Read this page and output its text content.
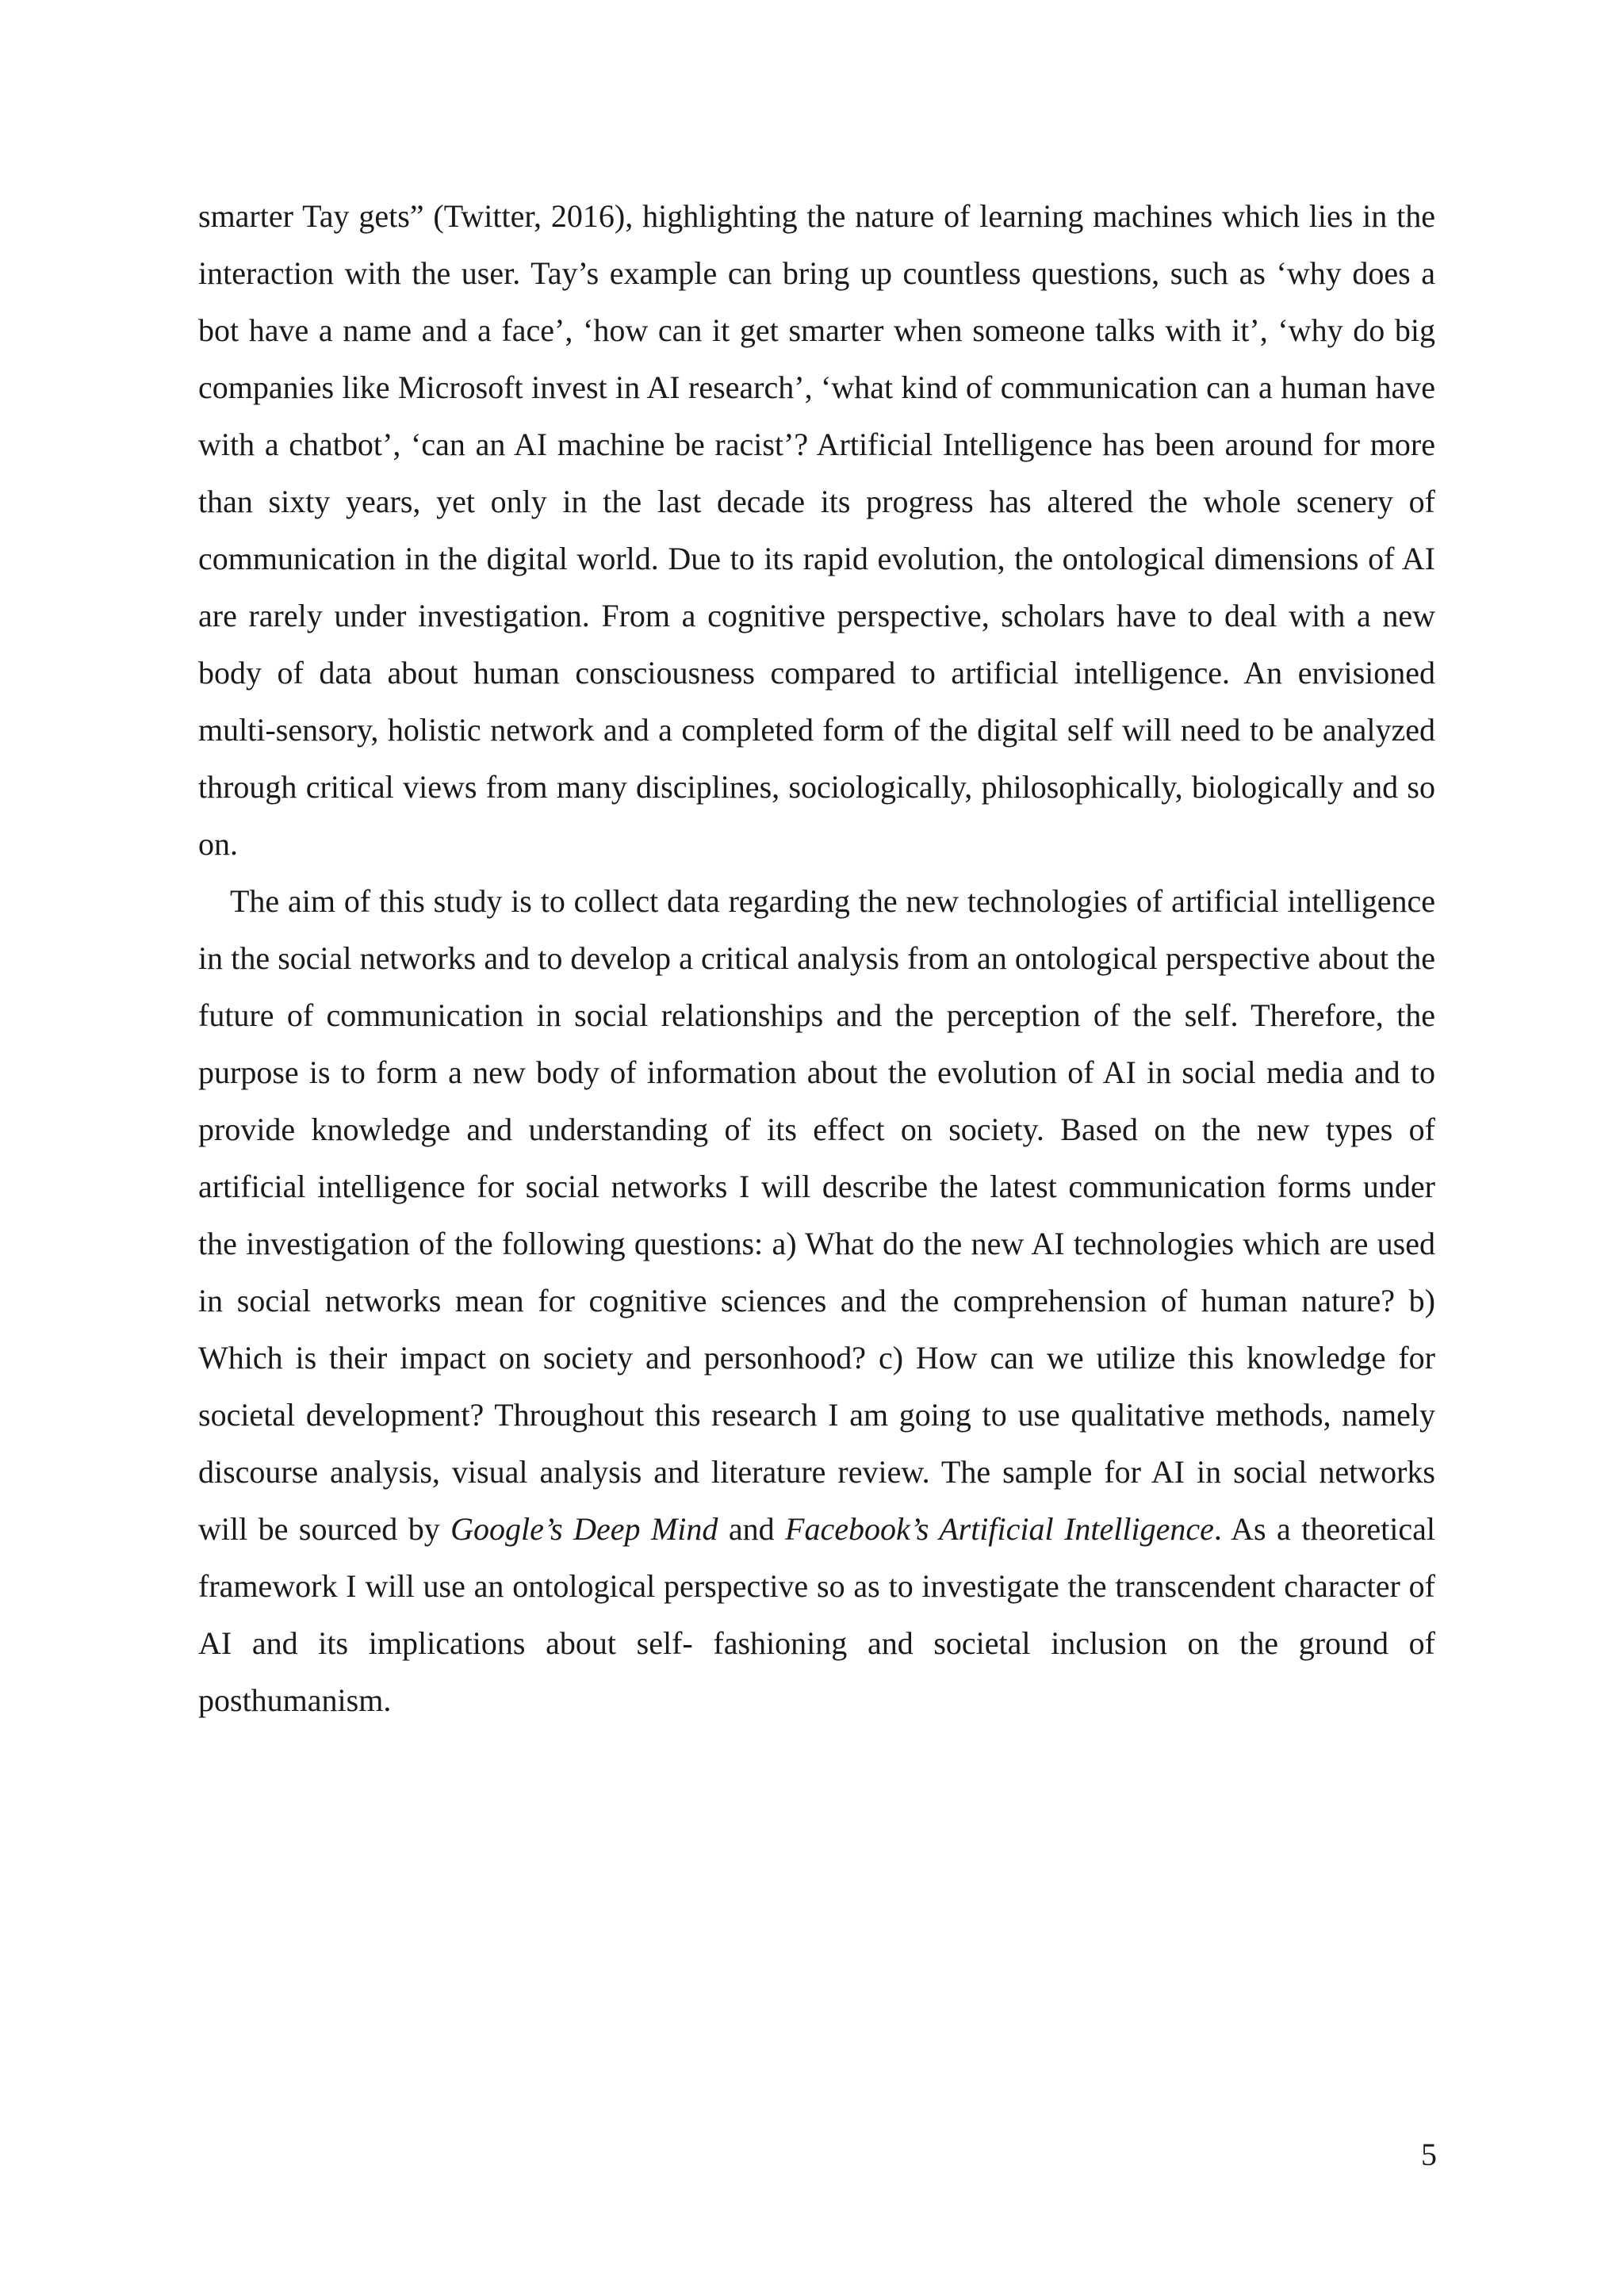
smarter Tay gets” (Twitter, 2016), highlighting the nature of learning machines which lies in the interaction with the user. Tay’s example can bring up countless questions, such as ‘why does a bot have a name and a face’, ‘how can it get smarter when someone talks with it’, ‘why do big companies like Microsoft invest in AI research’, ‘what kind of communication can a human have with a chatbot’, ‘can an AI machine be racist’? Artificial Intelligence has been around for more than sixty years, yet only in the last decade its progress has altered the whole scenery of communication in the digital world. Due to its rapid evolution, the ontological dimensions of AI are rarely under investigation. From a cognitive perspective, scholars have to deal with a new body of data about human consciousness compared to artificial intelligence. An envisioned multi-sensory, holistic network and a completed form of the digital self will need to be analyzed through critical views from many disciplines, sociologically, philosophically, biologically and so on.

The aim of this study is to collect data regarding the new technologies of artificial intelligence in the social networks and to develop a critical analysis from an ontological perspective about the future of communication in social relationships and the perception of the self. Therefore, the purpose is to form a new body of information about the evolution of AI in social media and to provide knowledge and understanding of its effect on society. Based on the new types of artificial intelligence for social networks I will describe the latest communication forms under the investigation of the following questions: a) What do the new AI technologies which are used in social networks mean for cognitive sciences and the comprehension of human nature? b) Which is their impact on society and personhood? c) How can we utilize this knowledge for societal development? Throughout this research I am going to use qualitative methods, namely discourse analysis, visual analysis and literature review. The sample for AI in social networks will be sourced by Google’s Deep Mind and Facebook’s Artificial Intelligence. As a theoretical framework I will use an ontological perspective so as to investigate the transcendent character of AI and its implications about self- fashioning and societal inclusion on the ground of posthumanism.

5
